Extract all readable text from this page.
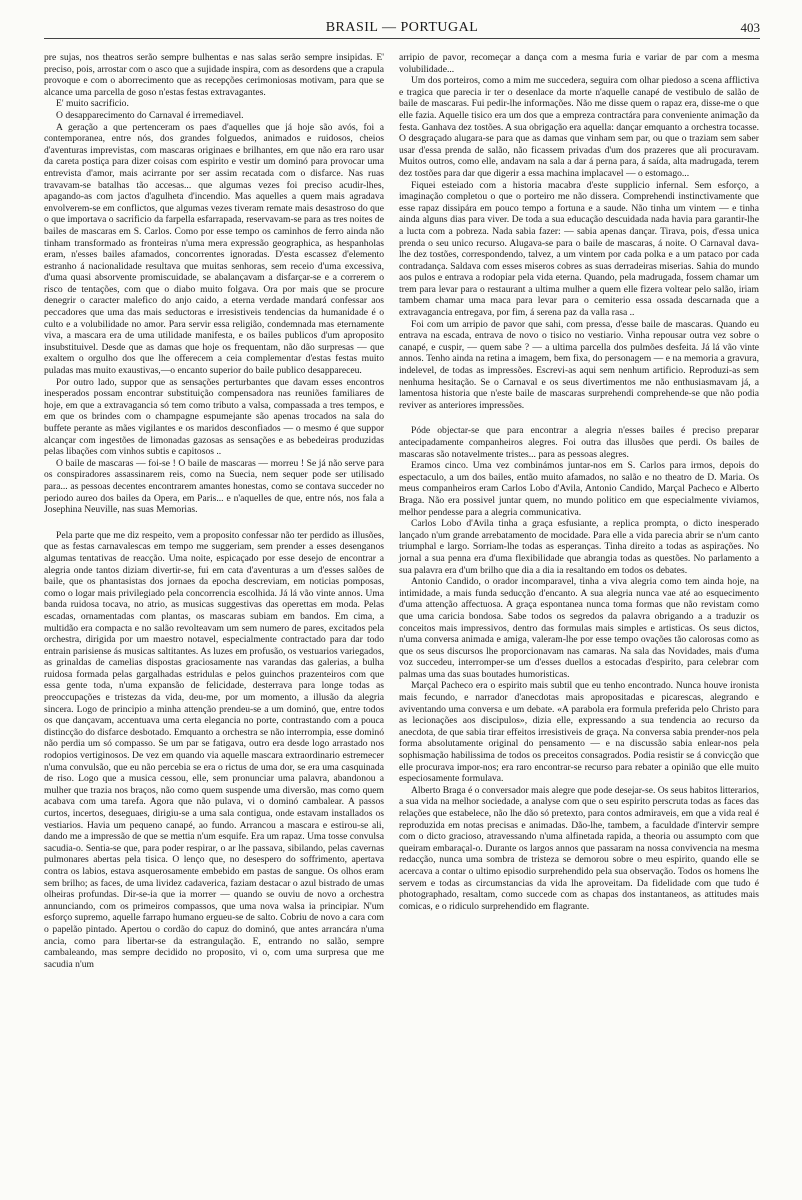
BRASIL — PORTUGAL	403

pre sujas, nos theatros serão sempre bulhentas e nas salas serão sempre insipidas. E' preciso, pois, arrostar com o asco que a sujidade inspira, com as desordens que a crapula provoque e com o aborrecimento que as recepções cerimoniosas motivam, para que se alcance uma parcella de goso n'estas festas extravagantes.

E' muito sacrificio.

O desapparecimento do Carnaval é irremediavel.

A geração a que pertenceram os paes d'aquelles que já hoje são avós, foi a contemporanea, entre nós, dos grandes folguedos, animados e ruidosos, cheios d'aventuras imprevistas, com mascaras originaes e brilhantes, em que não era raro usar da careta postiça para dizer coisas com espirito e vestir um dominó para provocar uma entrevista d'amor, mais acirrante por ser assim recatada com o disfarce. Nas ruas travavam-se batalhas tão accesas... que algumas vezes foi preciso acudir-lhes, apagando-as com jactos d'agulheta d'incendio. Mas aquelles a quem mais agradava envolverem-se em conflictos, que algumas vezes tiveram remate mais desastroso do que o que importava o sacrificio da farpella esfarrapada, reservavam-se para as tres noites de bailes de mascaras em S. Carlos. Como por esse tempo os caminhos de ferro ainda não tinham transformado as fronteiras n'uma mera expressão geographica, as hespanholas eram, n'esses bailes afamados, concorrentes ignoradas. D'esta escassez d'elemento estranho á nacionalidade resultava que muitas senhoras, sem receio d'uma excessiva, d'uma quasi absorvente promiscuidade, se abalançavam a disfarçar-se e a correrem o risco de tentações, com que o diabo muito folgava. Ora por mais que se procure denegrir o caracter malefico do anjo caido, a eterna verdade mandará confessar aos peccadores que uma das mais seductoras e irresistiveis tendencias da humanidade é o culto e a volubilidade no amor. Para servir essa religião, condemnada mas eternamente viva, a mascara era de uma utilidade manifesta, e os bailes publicos d'um aproposito insubstituivel. Desde que as damas que hoje os frequentam, não dão surpresas — que exaltem o orgulho dos que lhe offerecem a ceia complementar d'estas festas muito puladas mas muito exaustivas,—o encanto superior do baile publico desappareceu.

Por outro lado, suppor que as sensações perturbantes que davam esses encontros inesperados possam encontrar substituição compensadora nas reuniões familiares de hoje, em que a extravagancia só tem como tributo a valsa, compassada a tres tempos, e em que os brindes com o champagne espumejante são apenas trocados na sala do buffete perante as mães vigilantes e os maridos desconfiados — o mesmo é que suppor alcançar com ingestões de limonadas gazosas as sensações e as bebedeiras produzidas pelas libações com vinhos subtis e capitosos ..

O baile de mascaras — foi-se ! O baile de mascaras — morreu ! Se já não serve para os conspiradores assassinarem reis, como na Suecia, nem sequer pode ser utilisado para... as pessoas decentes encontrarem amantes honestas, como se contava succeder no periodo aureo dos bailes da Opera, em Paris... e n'aquelles de que, entre nós, nos fala a Josephina Neuville, nas suas Memorias.

Pela parte que me diz respeito, vem a proposito confessar não ter perdido as illusões, que as festas carnavalescas em tempo me suggeriam, sem prender a esses desenganos algumas tentativas de reacção. Uma noite, espicaçado por esse desejo de encontrar a alegria onde tantos diziam divertir-se, fui em cata d'aventuras a um d'esses salões de baile, que os phantasistas dos jornaes da epocha descreviam, em noticias pomposas, como o logar mais privilegiado pela concorrencia escolhida. Já lá vão vinte annos. Uma banda ruidosa tocava, no atrio, as musicas suggestivas das operettas em moda. Pelas escadas, ornamentadas com plantas, os mascaras subiam em bandos. Em cima, a multidão era compacta e no salão revolteavam um sem numero de pares, excitados pela orchestra, dirigida por um maestro notavel, especialmente contractado para dar todo entrain parisiense ás musicas saltitantes. As luzes em profusão, os vestuarios variegados, as grinaldas de camelias dispostas graciosamente nas varandas das galerias, a bulha ruidosa formada pelas gargalhadas estridulas e pelos guinchos prazenteiros com que essa gente toda, n'uma expansão de felicidade, desterrava para longe todas as preoccupações e tristezas da vida, deu-me, por um momento, a illusão da alegria sincera. Logo de principio a minha attenção prendeu-se a um dominó, que, entre todos os que dançavam, accentuava uma certa elegancia no porte, contrastando com a pouca distincção do disfarce desbotado. Emquanto a orchestra se não interrompia, esse dominó não perdia um só compasso. Se um par se fatigava, outro era desde logo arrastado nos rodopios vertiginosos. De vez em quando via aquelle mascara extraordinario estremecer n'uma convulsão, que eu não percebia se era o rictus de uma dor, se era uma casquinada de riso. Logo que a musica cessou, elle, sem pronunciar uma palavra, abandonou a mulher que trazia nos braços, não como quem suspende uma diversão, mas como quem acabava com uma tarefa. Agora que não pulava, vi o dominó cambalear. A passos curtos, incertos, deseguaes, dirigiu-se a uma sala contigua, onde estavam installados os vestiarios. Havia um pequeno canapé, ao fundo. Arrancou a mascara e estirou-se ali, dando me a impressão de que se mettia n'um esquife. Era um rapaz. Uma tosse convulsa sacudia-o. Sentia-se que, para poder respirar, o ar lhe passava, sibilando, pelas cavernas pulmonares abertas pela tisica. O lenço que, no desespero do soffrimento, apertava contra os labios, estava asquerosamente embebido em pastas de sangue. Os olhos eram sem brilho; as faces, de uma lividez cadaverica, faziam destacar o azul bistrado de umas olheiras profundas. Dir-se-ia que ia morrer — quando se ouviu de novo a orchestra annunciando, com os primeiros compassos, que uma nova walsa ia principiar. N'um esforço supremo, aquelle farrapo humano ergueu-se de salto. Cobriu de novo a cara com o papelão pintado. Apertou o cordão do capuz do dominó, que antes arrancára n'uma ancia, como para libertar-se da estrangulação. E, entrando no salão, sempre cambaleando, mas sempre decidido no proposito, vi o, com uma surpresa que me sacudia n'um

arripio de pavor, recomeçar a dança com a mesma furia e variar de par com a mesma volubilidade...

Um dos porteiros, como a mim me succedera, seguira com olhar piedoso a scena afflictiva e tragica que parecia ir ter o desenlace da morte n'aquelle canapé de vestibulo de salão de baile de mascaras. Fui pedir-lhe informações. Não me disse quem o rapaz era, disse-me o que elle fazia. Aquelle tisico era um dos que a empreza contractára para conveniente animação da festa. Ganhava dez tostões. A sua obrigação era aquella: dançar emquanto a orchestra tocasse. O desgraçado alugara-se para que as damas que vinham sem par, ou que o traziam sem saber usar d'essa prenda de salão, não ficassem privadas d'um dos prazeres que ali procuravam. Muitos outros, como elle, andavam na sala a dar á perna para, á saída, alta madrugada, terem dez tostões para dar que digerir a essa machina implacavel — o estomago...

Fiquei esteiado com a historia macabra d'este supplicio infernal. Sem esforço, a imaginação completou o que o porteiro me não dissera. Comprehendi instinctivamente que esse rapaz dissipára em pouco tempo a fortuna e a saude. Não tinha um vintem — e tinha ainda alguns dias para viver. De toda a sua educação descuidada nada havia para garantir-lhe a lucta com a pobreza. Nada sabia fazer: — sabia apenas dançar. Tirava, pois, d'essa unica prenda o seu unico recurso. Alugava-se para o baile de mascaras, á noite. O Carnaval dava-lhe dez tostões, correspondendo, talvez, a um vintem por cada polka e a um pataco por cada contradança. Saldava com esses miseros cobres as suas derradeiras miserias. Sahia do mundo aos pulos e entrava a rodopiar pela vida eterna. Quando, pela madrugada, fossem chamar um trem para levar para o restaurant a ultima mulher a quem elle fizera voltear pelo salão, iriam tambem chamar uma maca para levar para o cemiterio essa ossada descarnada que a extravagancia entregava, por fim, á serena paz da valla rasa ..

Foi com um arripio de pavor que sahi, com pressa, d'esse baile de mascaras. Quando eu entrava na escada, entrava de novo o tisico no vestiario. Vinha repousar outra vez sobre o canapé, e cuspir, — quem sabe ? — a ultima parcella dos pulmões desfeita. Já lá vão vinte annos. Tenho ainda na retina a imagem, bem fixa, do personagem — e na memoria a gravura, indelevel, de todas as impressões. Escrevi-as aqui sem nenhum artificio. Reproduzi-as sem nenhuma hesitação. Se o Carnaval e os seus divertimentos me não enthusiasmavam já, a lamentosa historia que n'este baile de mascaras surprehendi comprehende-se que não podia reviver as anteriores impressões.

Póde objectar-se que para encontrar a alegria n'esses bailes é preciso preparar antecipadamente companheiros alegres. Foi outra das illusões que perdi. Os bailes de mascaras são notavelmente tristes... para as pessoas alegres.

Eramos cinco. Uma vez combinámos juntar-nos em S. Carlos para irmos, depois do espectaculo, a um dos bailes, então muito afamados, no salão e no theatro de D. Maria. Os meus companheiros eram Carlos Lobo d'Avila, Antonio Candido, Marçal Pacheco e Alberto Braga. Não era possivel juntar quem, no mundo politico em que especialmente viviamos, melhor pendesse para a alegria communicativa.

Carlos Lobo d'Avila tinha a graça esfusiante, a replica prompta, o dicto inesperado lançado n'um grande arrebatamento de mocidade. Para elle a vida parecia abrir se n'um canto triumphal e largo. Sorriam-lhe todas as esperanças. Tinha direito a todas as aspirações. No jornal a sua penna era d'uma flexibilidade que abrangia todas as questões. No parlamento a sua palavra era d'um brilho que dia a dia ia resaltando em todos os debates.

Antonio Candido, o orador incomparavel, tinha a viva alegria como tem ainda hoje, na intimidade, a mais funda seducção d'encanto. A sua alegria nunca vae até ao esquecimento d'uma attenção affectuosa. A graça espontanea nunca toma formas que não revistam como que uma caricia bondosa. Sabe todos os segredos da palavra obrigando a a traduzir os conceitos mais impressivos, dentro das formulas mais simples e artisticas. Os seus dictos, n'uma conversa animada e amiga, valeram-lhe por esse tempo ovações tão calorosas como as que os seus discursos lhe proporcionavam nas camaras. Na sala das Novidades, mais d'uma voz succedeu, interromper-se um d'esses duellos a estocadas d'espirito, para celebrar com palmas uma das suas boutades humoristicas.

Marçal Pacheco era o espirito mais subtil que eu tenho encontrado. Nunca houve ironista mais fecundo, e narrador d'anecdotas mais apropositadas e picarescas, alegrando e aviventando uma conversa e um debate. «A parabola era formula preferida pelo Christo para as lecionações aos discipulos», dizia elle, expressando a sua tendencia ao recurso da anecdota, de que sabia tirar effeitos irresistiveis de graça. Na conversa sabia prender-nos pela forma absolutamente original do pensamento — e na discussão sabia enlear-nos pela sophismação habilissima de todos os preceitos consagrados. Podia resistir se á convicção que elle procurava impor-nos; era raro encontrar-se recurso para rebater a opinião que elle muito especiosamente formulava.

Alberto Braga é o conversador mais alegre que pode desejar-se. Os seus habitos litterarios, a sua vida na melhor sociedade, a analyse com que o seu espirito perscruta todas as faces das relações que estabelece, não lhe dão só pretexto, para contos admiraveis, em que a vida real é reproduzida em notas precisas e animadas. Dão-lhe, tambem, a faculdade d'intervir sempre com o dicto gracioso, atravessando n'uma alfinetada rapida, a theoria ou assumpto com que queiram embaraçal-o. Durante os largos annos que passaram na nossa convivencia na mesma redacção, nunca uma sombra de tristeza se demorou sobre o meu espirito, quando elle se acercava a contar o ultimo episodio surprehendido pela sua observação. Todos os homens lhe servem e todas as circumstancias da vida lhe aproveitam. Da fidelidade com que tudo é photographado, resaltam, como succede com as chapas dos instantaneos, as attitudes mais comicas, e o ridiculo surprehendido em flagrante.
